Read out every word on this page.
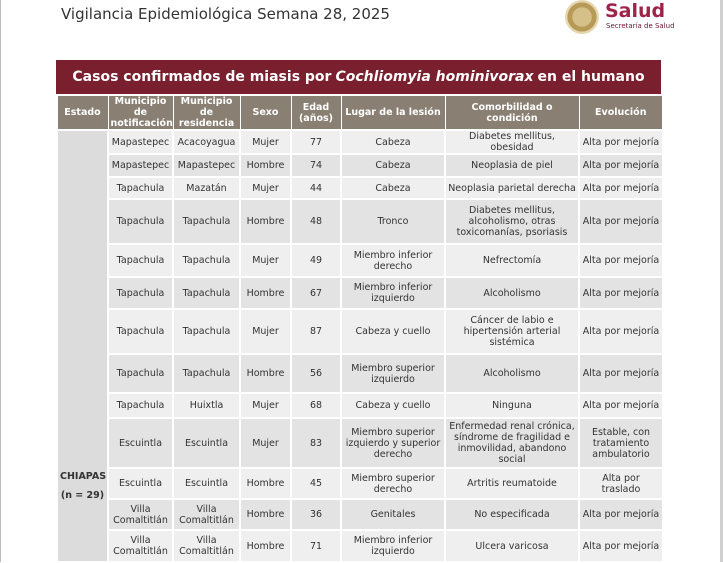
Vigilancia Epidemiológica Semana 28, 2025	Salud
Secretaría de Salud
Casos confirmados de miasis por Cochliomyia hominivorax en el humano
Estado	Municipio de notificación	Municipio de residencia	Sexo	Edad (años)	Lugar de la lesión	Comorbilidad o condición	Evolución

CHIAPAS
(n = 29)	Mapastepec	Acacoyagua	Mujer	77	Cabeza	Diabetes mellitus, obesidad	Alta por mejoría
	Mapastepec	Mapastepec	Hombre	74	Cabeza	Neoplasia de piel	Alta por mejoría
	Tapachula	Mazatán	Mujer	44	Cabeza	Neoplasia parietal derecha	Alta por mejoría
	Tapachula	Tapachula	Hombre	48	Tronco	Diabetes mellitus, alcoholismo, otras toxicomanías, psoriasis	Alta por mejoría
	Tapachula	Tapachula	Mujer	49	Miembro inferior derecho	Nefrectomía	Alta por mejoría
	Tapachula	Tapachula	Hombre	67	Miembro inferior izquierdo	Alcoholismo	Alta por mejoría
	Tapachula	Tapachula	Mujer	87	Cabeza y cuello	Cáncer de labio e hipertensión arterial sistémica	Alta por mejoría
	Tapachula	Tapachula	Hombre	56	Miembro superior izquierdo	Alcoholismo	Alta por mejoría
	Tapachula	Huixtla	Mujer	68	Cabeza y cuello	Ninguna	Alta por mejoría
	Escuintla	Escuintla	Mujer	83	Miembro superior izquierdo y superior derecho	Enfermedad renal crónica, síndrome de fragilidad e inmovilidad, abandono social	Estable, con tratamiento ambulatorio
	Escuintla	Escuintla	Hombre	45	Miembro superior derecho	Artritis reumatoide	Alta por traslado
	Villa Comaltitlán	Villa Comaltitlán	Hombre	36	Genitales	No especificada	Alta por mejoría
	Villa Comaltitlán	Villa Comaltitlán	Hombre	71	Miembro inferior izquierdo	Ulcera varicosa	Alta por mejoría
